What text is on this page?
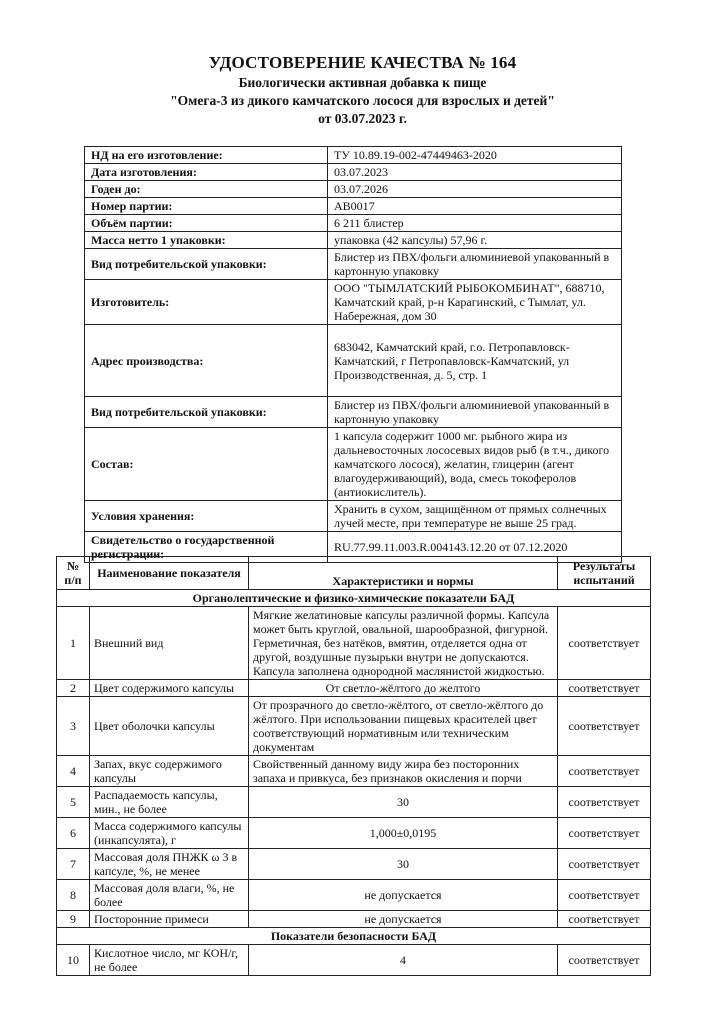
УДОСТОВЕРЕНИЕ КАЧЕСТВА № 164
Биологически активная добавка к пище
"Омега-3 из дикого камчатского лосося для взрослых и детей"
от 03.07.2023 г.
НД на его изготовление:	ТУ 10.89.19-002-47449463-2020
Дата изготовления:	03.07.2023
Годен до:	03.07.2026
Номер партии:	АВ0017
Объём партии:	6 211 блистер
Масса нетто 1 упаковки:	упаковка (42 капсулы) 57,96 г.
Вид потребительской упаковки:	Блистер из ПВХ/фольги алюминиевой упакованный в картонную упаковку
Изготовитель:	ООО "ТЫМЛАТСКИЙ РЫБОКОМБИНАТ", 688710, Камчатский край, р-н Карагинский, с Тымлат, ул. Набережная, дом 30
Адрес производства:	683042, Камчатский край, г.о. Петропавловск-Камчатский, г Петропавловск-Камчатский, ул Производственная, д. 5, стр. 1
Вид потребительской упаковки:	Блистер из ПВХ/фольги алюминиевой упакованный в картонную упаковку
Состав:	1 капсула содержит 1000 мг. рыбного жира из дальневосточных лососевых видов рыб (в т.ч., дикого камчатского лосося), желатин, глицерин (агент влагоудерживающий), вода, смесь токоферолов (антиокислитель).
Условия хранения:	Хранить в сухом, защищённом от прямых солнечных лучей месте, при температуре не выше 25 град.
Свидетельство о государственной регистрации:	RU.77.99.11.003.R.004143.12.20 от 07.12.2020
№ п/п	Наименование показателя	Характеристики и нормы	Результаты испытаний
Органолептические и физико-химические показатели БАД			
1	Внешний вид	Мягкие желатиновые капсулы различной формы. Капсула может быть круглой, овальной, шарообразной, фигурной. Герметичная, без натёков, вмятин, отделяется одна от другой, воздушные пузырьки внутри не допускаются. Капсула заполнена однородной маслянистой жидкостью.	соответствует
2	Цвет содержимого капсулы	От светло-жёлтого до желтого	соответствует
3	Цвет оболочки капсулы	От прозрачного до светло-жёлтого, от светло-жёлтого до жёлтого. При использовании пищевых красителей цвет соответствующий нормативным или техническим документам	соответствует
4	Запах, вкус содержимого капсулы	Свойственный данному виду жира без посторонних запаха и привкуса, без признаков окисления и порчи	соответствует
5	Распадаемость капсулы, мин., не более	30	соответствует
6	Масса содержимого капсулы (инкапсулята), г	1,000±0,0195	соответствует
7	Массовая доля ПНЖК ω 3 в капсуле, %, не менее	30	соответствует
8	Массовая доля влаги, %, не более	не допускается	соответствует
9	Посторонние примеси	не допускается	соответствует
Показатели безопасности БАД			
10	Кислотное число, мг КОН/г, не более	4	соответствует
